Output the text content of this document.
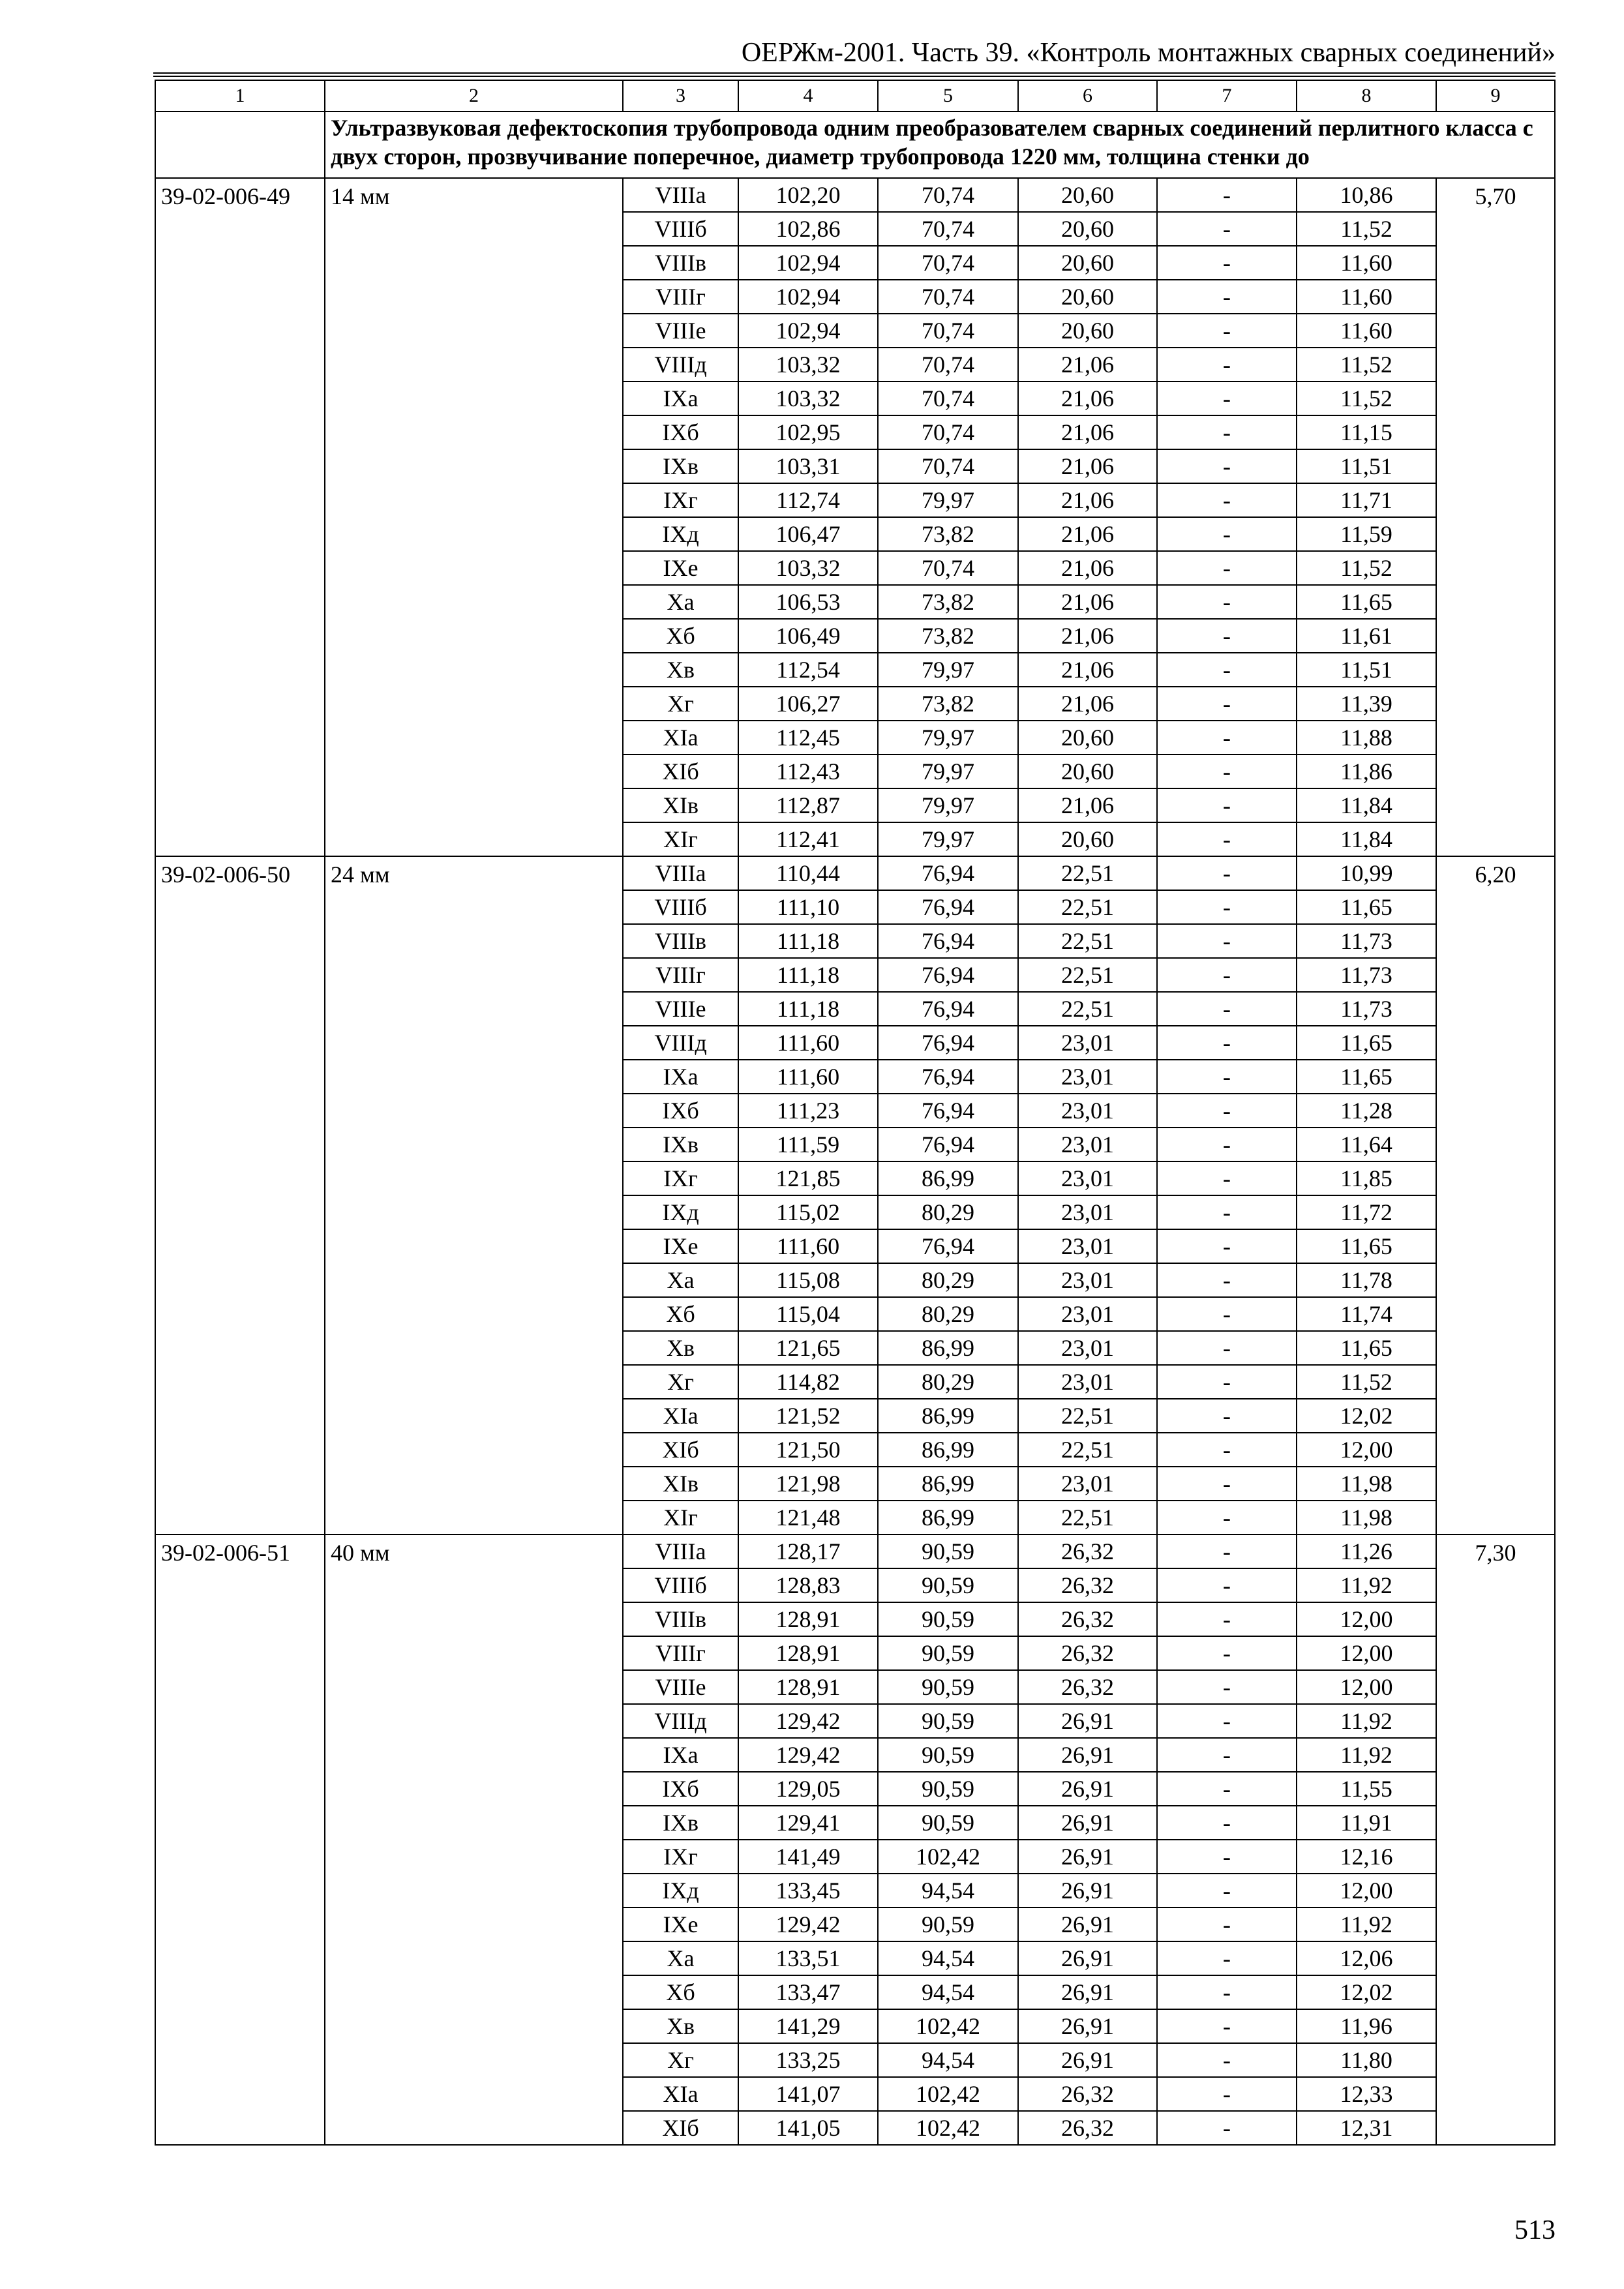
ОЕРЖм-2001. Часть 39. «Контроль монтажных сварных соединений»
1	2	3	4	5	6	7	8	9
	Ультразвуковая дефектоскопия трубопровода одним преобразователем сварных соединений перлитного класса с двух сторон, прозвучивание поперечное, диаметр трубопровода 1220 мм, толщина стенки до							
39-02-006-49	14 мм	VIIIа	102,20	70,74	20,60	-	10,86	5,70
		VIIIб	102,86	70,74	20,60	-	11,52	
		VIIIв	102,94	70,74	20,60	-	11,60	
		VIIIг	102,94	70,74	20,60	-	11,60	
		VIIIе	102,94	70,74	20,60	-	11,60	
		VIIIд	103,32	70,74	21,06	-	11,52	
		IXа	103,32	70,74	21,06	-	11,52	
		IXб	102,95	70,74	21,06	-	11,15	
		IXв	103,31	70,74	21,06	-	11,51	
		IXг	112,74	79,97	21,06	-	11,71	
		IXд	106,47	73,82	21,06	-	11,59	
		IXе	103,32	70,74	21,06	-	11,52	
		Xа	106,53	73,82	21,06	-	11,65	
		Xб	106,49	73,82	21,06	-	11,61	
		Xв	112,54	79,97	21,06	-	11,51	
		Xг	106,27	73,82	21,06	-	11,39	
		XIа	112,45	79,97	20,60	-	11,88	
		XIб	112,43	79,97	20,60	-	11,86	
		XIв	112,87	79,97	21,06	-	11,84	
		XIг	112,41	79,97	20,60	-	11,84	
39-02-006-50	24 мм	VIIIа	110,44	76,94	22,51	-	10,99	6,20
		VIIIб	111,10	76,94	22,51	-	11,65	
		VIIIв	111,18	76,94	22,51	-	11,73	
		VIIIг	111,18	76,94	22,51	-	11,73	
		VIIIе	111,18	76,94	22,51	-	11,73	
		VIIIд	111,60	76,94	23,01	-	11,65	
		IXа	111,60	76,94	23,01	-	11,65	
		IXб	111,23	76,94	23,01	-	11,28	
		IXв	111,59	76,94	23,01	-	11,64	
		IXг	121,85	86,99	23,01	-	11,85	
		IXд	115,02	80,29	23,01	-	11,72	
		IXе	111,60	76,94	23,01	-	11,65	
		Xа	115,08	80,29	23,01	-	11,78	
		Xб	115,04	80,29	23,01	-	11,74	
		Xв	121,65	86,99	23,01	-	11,65	
		Xг	114,82	80,29	23,01	-	11,52	
		XIа	121,52	86,99	22,51	-	12,02	
		XIб	121,50	86,99	22,51	-	12,00	
		XIв	121,98	86,99	23,01	-	11,98	
		XIг	121,48	86,99	22,51	-	11,98	
39-02-006-51	40 мм	VIIIа	128,17	90,59	26,32	-	11,26	7,30
		VIIIб	128,83	90,59	26,32	-	11,92	
		VIIIв	128,91	90,59	26,32	-	12,00	
		VIIIг	128,91	90,59	26,32	-	12,00	
		VIIIе	128,91	90,59	26,32	-	12,00	
		VIIIд	129,42	90,59	26,91	-	11,92	
		IXа	129,42	90,59	26,91	-	11,92	
		IXб	129,05	90,59	26,91	-	11,55	
		IXв	129,41	90,59	26,91	-	11,91	
		IXг	141,49	102,42	26,91	-	12,16	
		IXд	133,45	94,54	26,91	-	12,00	
		IXе	129,42	90,59	26,91	-	11,92	
		Xа	133,51	94,54	26,91	-	12,06	
		Xб	133,47	94,54	26,91	-	12,02	
		Xв	141,29	102,42	26,91	-	11,96	
		Xг	133,25	94,54	26,91	-	11,80	
		XIа	141,07	102,42	26,32	-	12,33	
		XIб	141,05	102,42	26,32	-	12,31	
513
